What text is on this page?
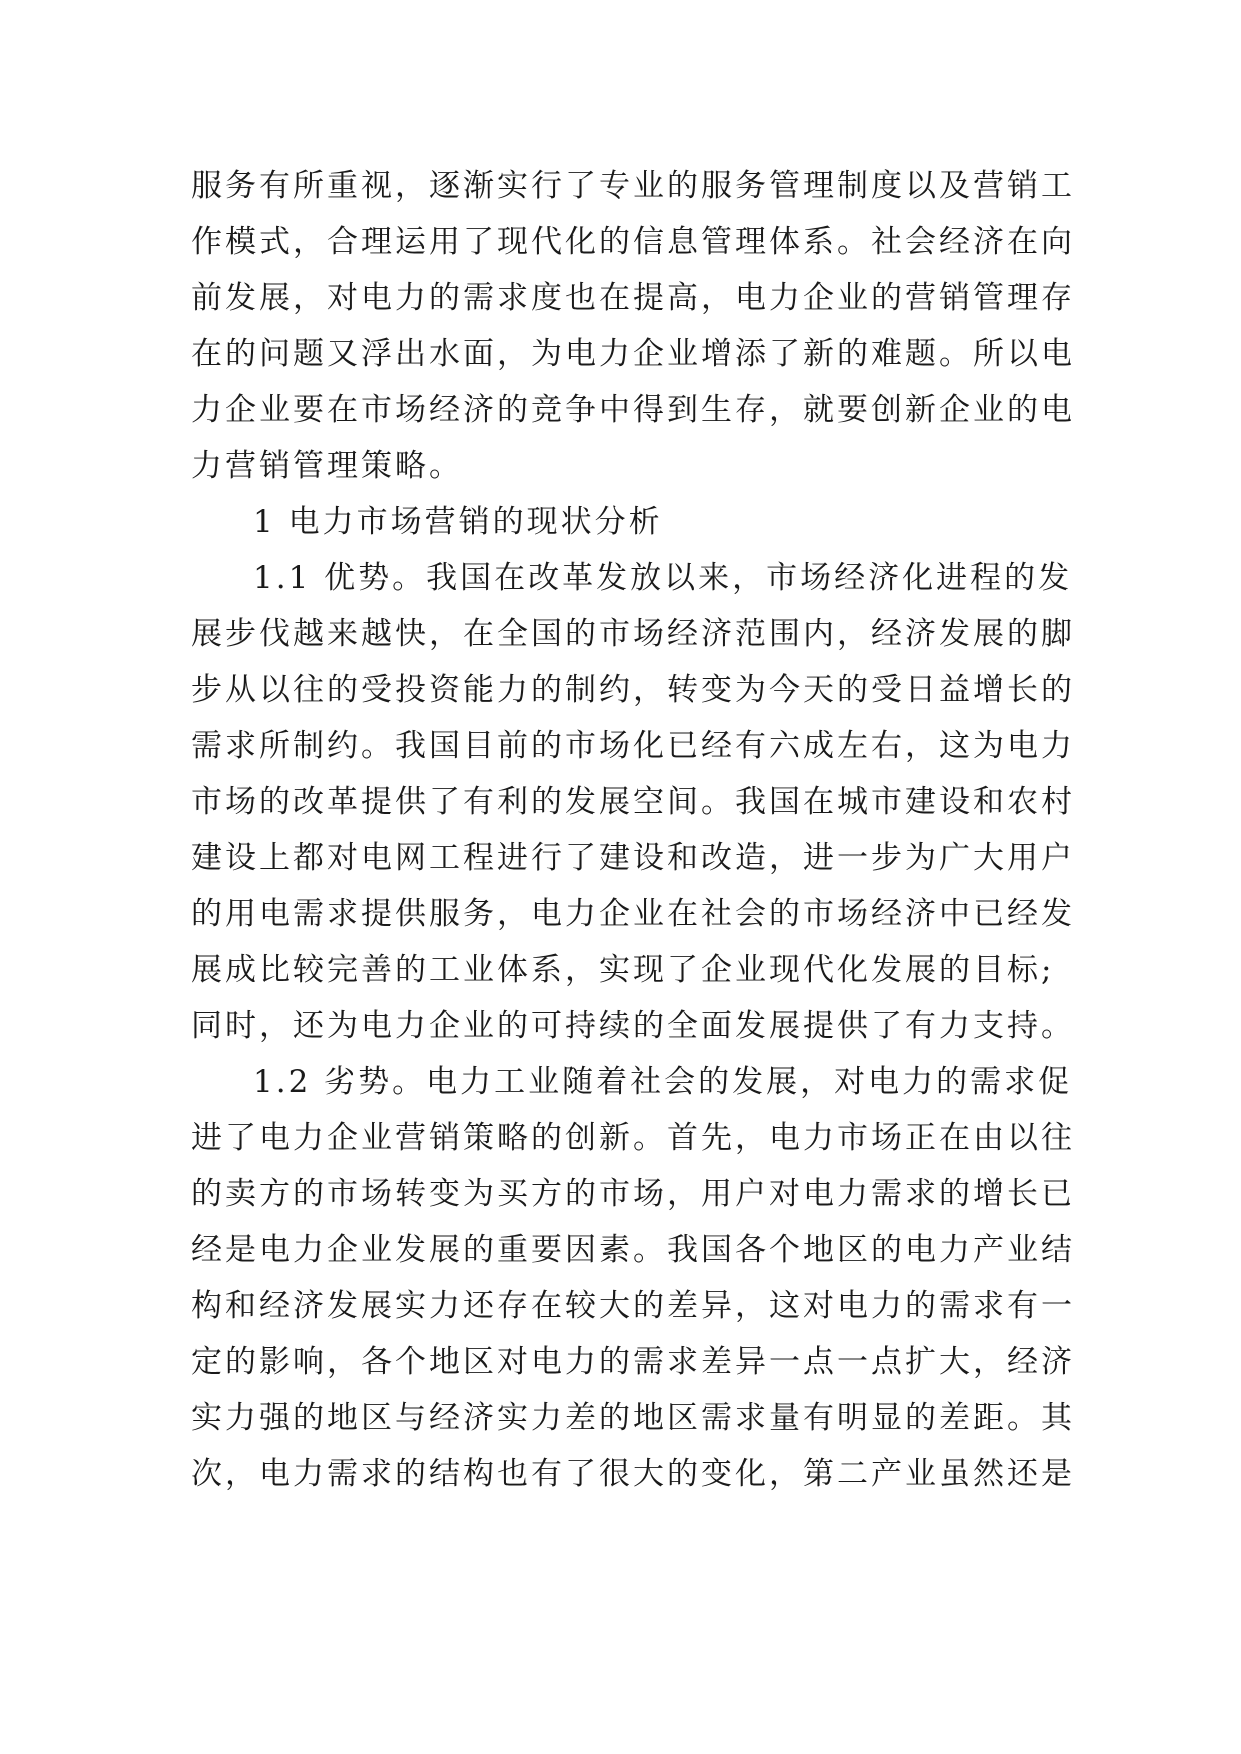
服务有所重视，逐渐实行了专业的服务管理制度以及营销工
作模式，合理运用了现代化的信息管理体系。社会经济在向
前发展，对电力的需求度也在提高，电力企业的营销管理存
在的问题又浮出水面，为电力企业增添了新的难题。所以电
力企业要在市场经济的竞争中得到生存，就要创新企业的电
力营销管理策略。
1 电力市场营销的现状分析
1.1 优势。我国在改革发放以来，市场经济化进程的发
展步伐越来越快，在全国的市场经济范围内，经济发展的脚
步从以往的受投资能力的制约，转变为今天的受日益增长的
需求所制约。我国目前的市场化已经有六成左右，这为电力
市场的改革提供了有利的发展空间。我国在城市建设和农村
建设上都对电网工程进行了建设和改造，进一步为广大用户
的用电需求提供服务，电力企业在社会的市场经济中已经发
展成比较完善的工业体系，实现了企业现代化发展的目标;
同时，还为电力企业的可持续的全面发展提供了有力支持。
1.2 劣势。电力工业随着社会的发展，对电力的需求促
进了电力企业营销策略的创新。首先，电力市场正在由以往
的卖方的市场转变为买方的市场，用户对电力需求的增长已
经是电力企业发展的重要因素。我国各个地区的电力产业结
构和经济发展实力还存在较大的差异，这对电力的需求有一
定的影响，各个地区对电力的需求差异一点一点扩大，经济
实力强的地区与经济实力差的地区需求量有明显的差距。其
次，电力需求的结构也有了很大的变化，第二产业虽然还是
